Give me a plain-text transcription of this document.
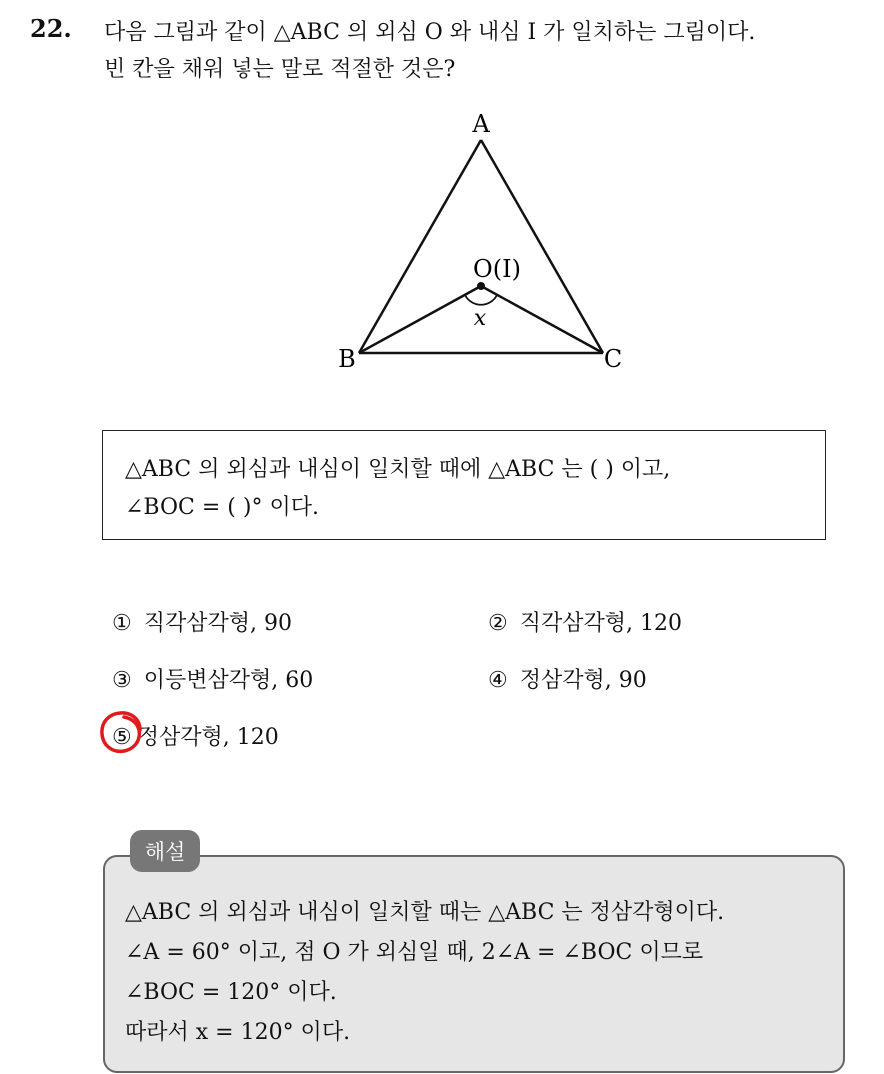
22. 다음 그림과 같이 △ABC 의 외심 O 와 내심 I 가 일치하는 그림이다.
빈 칸을 채워 넣는 말로 적절한 것은?
A
B	C
O(I)
x
△ABC 의 외심과 내심이 일치할 때에 △ABC 는 ( ) 이고,
∠BOC = ( )° 이다.
① 직각삼각형, 90	② 직각삼각형, 120
③ 이등변삼각형, 60	④ 정삼각형, 90
⑤ 정삼각형, 120
△ABC 의 외심과 내심이 일치할 때는 △ABC 는 정삼각형이다.
∠A = 60° 이고, 점 O 가 외심일 때, 2∠A = ∠BOC 이므로
∠BOC = 120° 이다.
따라서 x = 120° 이다.
해설
